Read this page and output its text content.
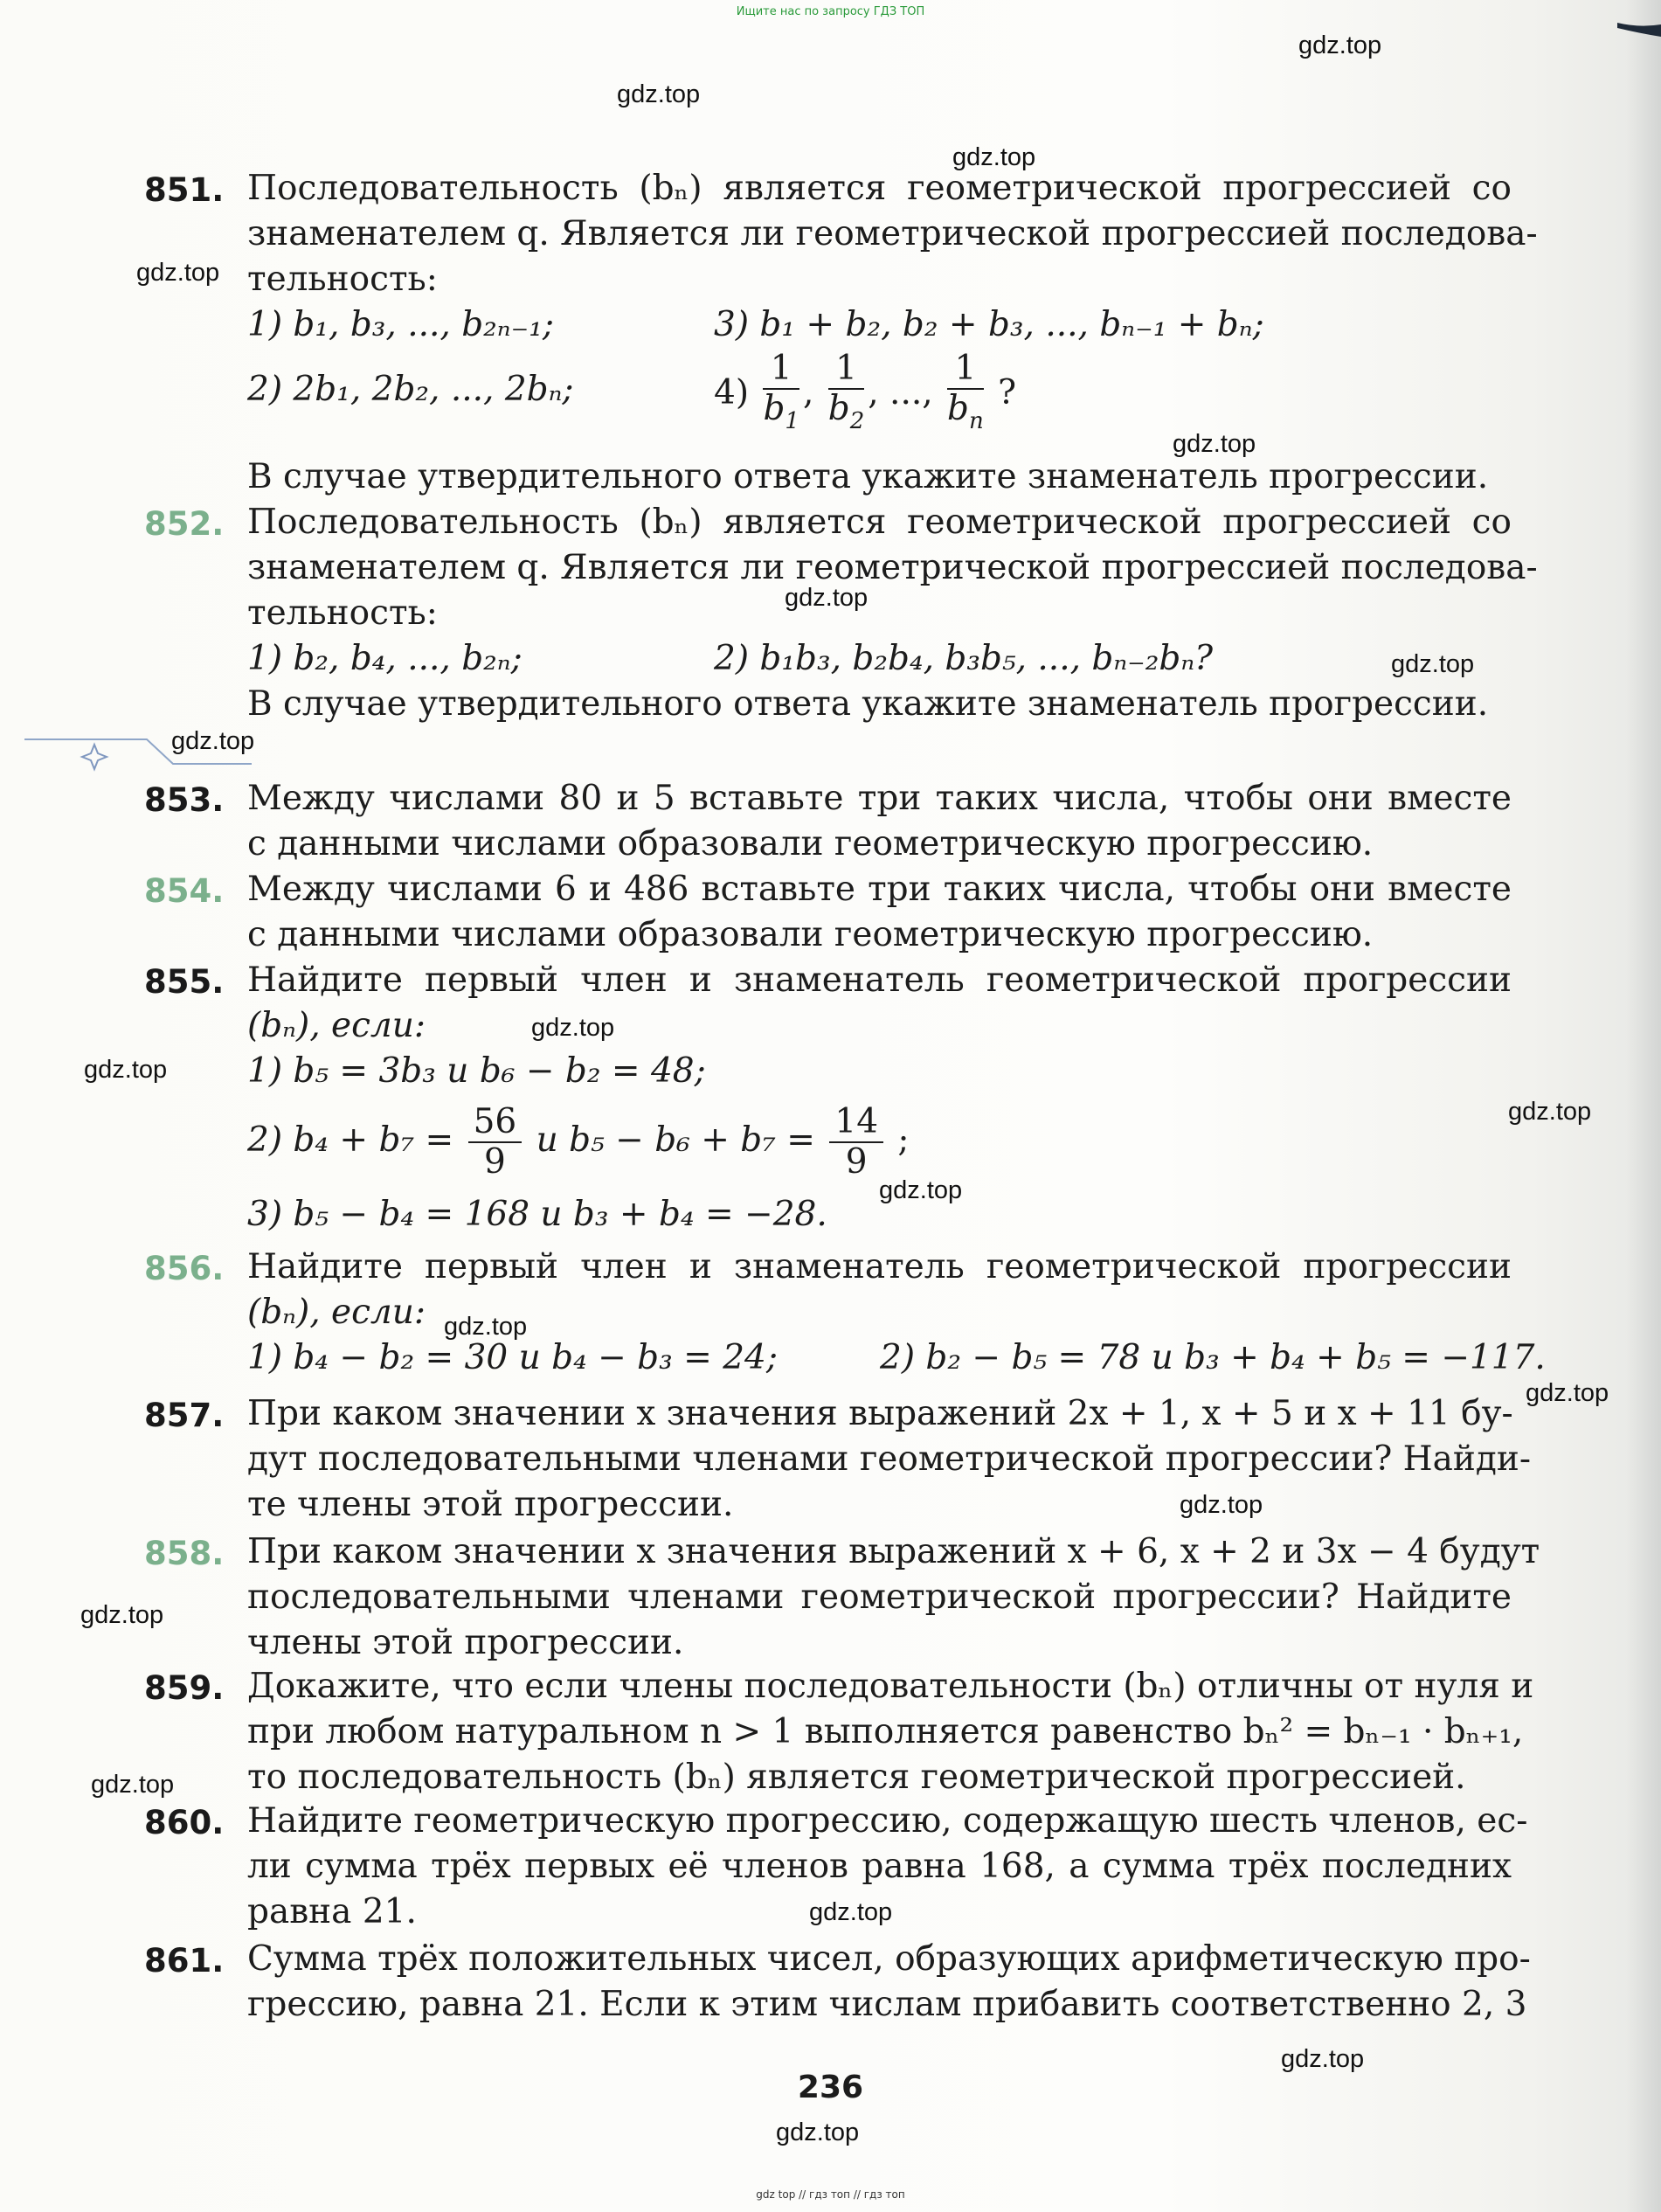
Ищите нас по запросу ГДЗ ТОП
851. Последовательность (bₙ) является геометрической прогрессией со
знаменателем q. Является ли геометрической прогрессией последова-
тельность:
1) b₁, b₃, ..., b₂ₙ₋₁;	3) b₁ + b₂, b₂ + b₃, ..., bₙ₋₁ + bₙ;
2) 2b₁, 2b₂, ..., 2bₙ;	$4) \frac{1}{b_1}$ , $\frac{1}{b_2}$ , ..., $\frac{1}{b_n}$ ?
В случае утвердительного ответа укажите знаменатель прогрессии.
852. Последовательность (bₙ) является геометрической прогрессией со
знаменателем q. Является ли геометрической прогрессией последова-
тельность:
1) b₂, b₄, ..., b₂ₙ;	2) b₁b₃, b₂b₄, b₃b₅, ..., bₙ₋₂bₙ?
В случае утвердительного ответа укажите знаменатель прогрессии.
853. Между числами 80 и 5 вставьте три таких числа, чтобы они вместе
с данными числами образовали геометрическую прогрессию.
854. Между числами 6 и 486 вставьте три таких числа, чтобы они вместе
с данными числами образовали геометрическую прогрессию.
855. Найдите первый член и знаменатель геометрической прогрессии
(bₙ), если:
1) b₅ = 3b₃ и b₆ − b₂ = 48;
2) $b_4 + b_7 = \frac{56}{9}$ и $b_5 - b_6 + b_7 = \frac{14}{9}$ ;
3) b₅ − b₄ = 168 и b₃ + b₄ = −28.
856. Найдите первый член и знаменатель геометрической прогрессии
(bₙ), если:
1) b₄ − b₂ = 30 и b₄ − b₃ = 24;	2) b₂ − b₅ = 78 и b₃ + b₄ + b₅ = −117.
857. При каком значении x значения выражений 2x + 1, x + 5 и x + 11 бу-
дут последовательными членами геометрической прогрессии? Найди-
те члены этой прогрессии.
858. При каком значении x значения выражений x + 6, x + 2 и 3x − 4 будут
последовательными членами геометрической прогрессии? Найдите
члены этой прогрессии.
859. Докажите, что если члены последовательности (bₙ) отличны от нуля и
при любом натуральном n > 1 выполняется равенство bₙ² = bₙ₋₁ · bₙ₊₁,
то последовательность (bₙ) является геометрической прогрессией.
860. Найдите геометрическую прогрессию, содержащую шесть членов, ес-
ли сумма трёх первых её членов равна 168, а сумма трёх последних
равна 21.
861. Сумма трёх положительных чисел, образующих арифметическую про-
грессию, равна 21. Если к этим числам прибавить соответственно 2, 3
236
gdz.top
gdz.top
gdz.top
gdz.top
gdz.top
gdz.top
gdz.top
gdz.top
gdz.top
gdz.top
gdz.top
gdz.top
gdz.top
gdz.top
gdz.top
gdz.top
gdz.top
gdz.top
gdz.top
gdz.top
gdz top // гдз топ // гдз топ
